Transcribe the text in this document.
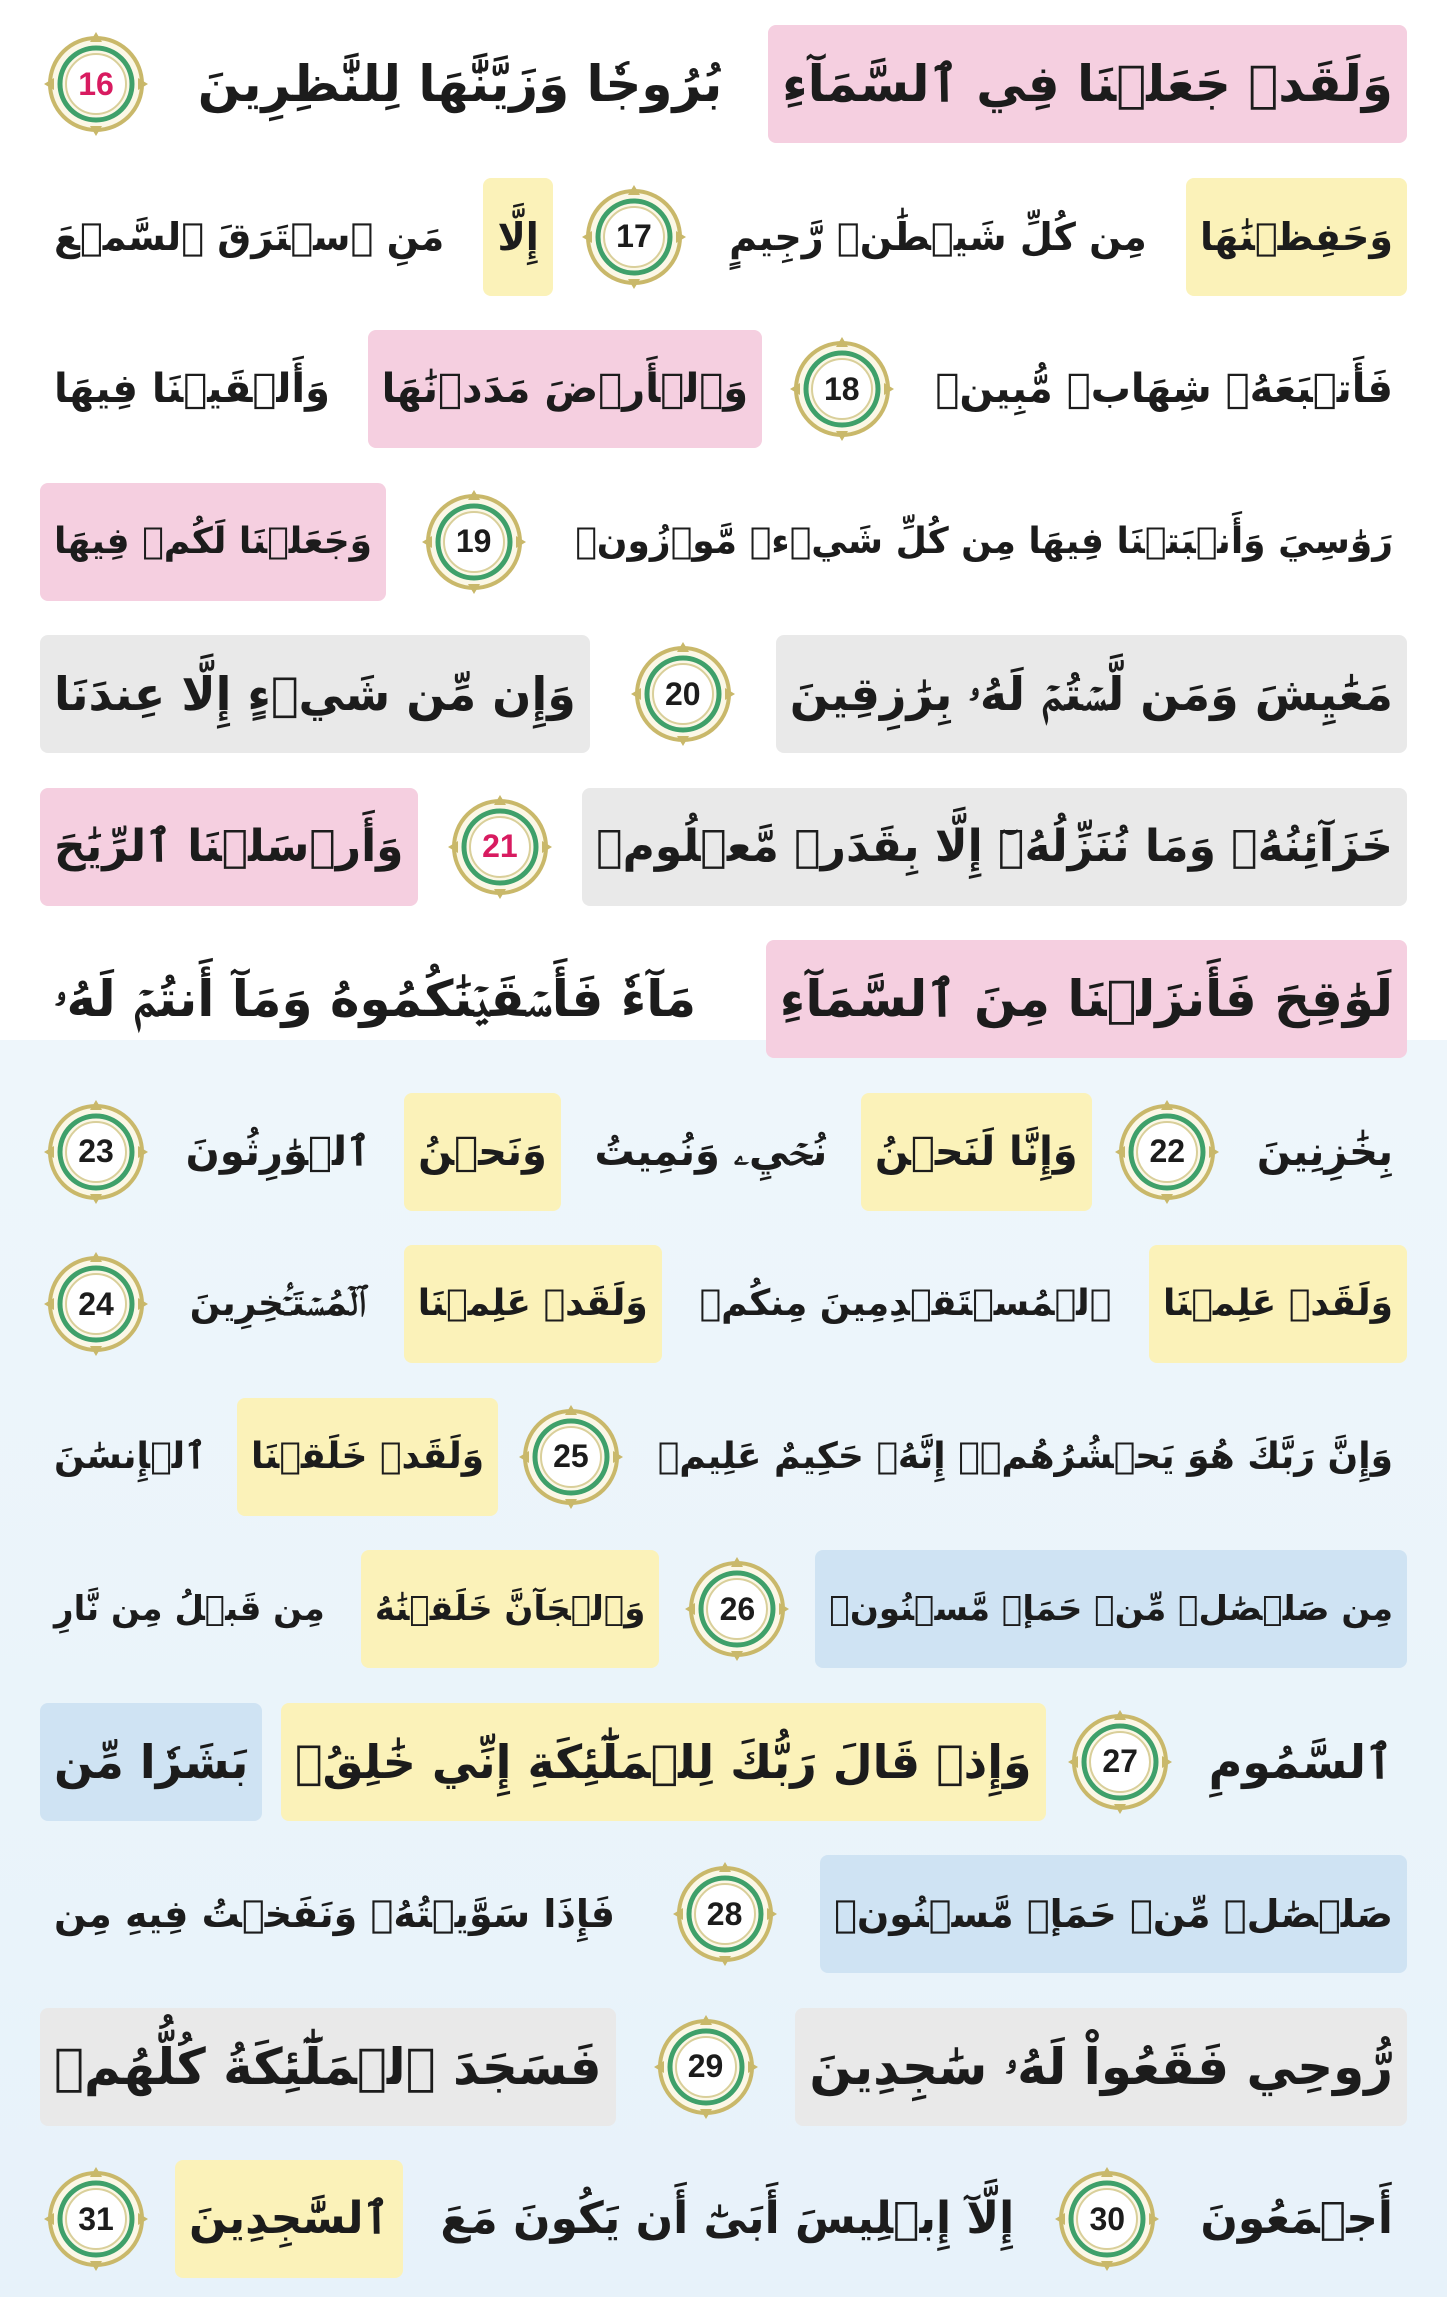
وَلَقَدۡ جَعَلۡنَا فِي ٱلسَّمَآءِ
بُرُوجٗا وَزَيَّنَّٰهَا لِلنَّٰظِرِينَ
16
وَحَفِظۡنَٰهَا
مِن كُلِّ شَيۡطَٰنٖ رَّجِيمٍ
17
إِلَّا
مَنِ ٱسۡتَرَقَ ٱلسَّمۡعَ
فَأَتۡبَعَهُۥ شِهَابٞ مُّبِينٞ
18
وَٱلۡأَرۡضَ مَدَدۡنَٰهَا
وَأَلۡقَيۡنَا فِيهَا
رَوَٰسِيَ وَأَنۢبَتۡنَا فِيهَا مِن كُلِّ شَيۡءٖ مَّوۡزُونٖ
19
وَجَعَلۡنَا لَكُمۡ فِيهَا
مَعَٰيِشَ وَمَن لَّسۡتُمۡ لَهُۥ بِرَٰزِقِينَ
20
وَإِن مِّن شَيۡءٍ إِلَّا عِندَنَا
خَزَآئِنُهُۥ وَمَا نُنَزِّلُهُۥٓ إِلَّا بِقَدَرٖ مَّعۡلُومٖ
21
وَأَرۡسَلۡنَا ٱلرِّيَٰحَ
لَوَٰقِحَ فَأَنزَلۡنَا مِنَ ٱلسَّمَآءِ
مَآءٗ فَأَسۡقَيۡنَٰكُمُوهُ وَمَآ أَنتُمۡ لَهُۥ
بِخَٰزِنِينَ
22
وَإِنَّا لَنَحۡنُ
نُحۡيِۦ وَنُمِيتُ
وَنَحۡنُ
ٱلۡوَٰرِثُونَ
23
وَلَقَدۡ عَلِمۡنَا
ٱلۡمُسۡتَقۡدِمِينَ مِنكُمۡ
وَلَقَدۡ عَلِمۡنَا
ٱلۡمُسۡتَـٔۡخِرِينَ
24
وَإِنَّ رَبَّكَ هُوَ يَحۡشُرُهُمۡۚ إِنَّهُۥ حَكِيمٌ عَلِيمٞ
25
وَلَقَدۡ خَلَقۡنَا
ٱلۡإِنسَٰنَ
مِن صَلۡصَٰلٖ مِّنۡ حَمَإٖ مَّسۡنُونٖ
26
وَٱلۡجَآنَّ خَلَقۡنَٰهُ
مِن قَبۡلُ مِن نَّارِ
ٱلسَّمُومِ
27
وَإِذۡ قَالَ رَبُّكَ لِلۡمَلَٰٓئِكَةِ إِنِّي خَٰلِقُۢ
بَشَرٗا مِّن
صَلۡصَٰلٖ مِّنۡ حَمَإٖ مَّسۡنُونٖ
28
فَإِذَا سَوَّيۡتُهُۥ وَنَفَخۡتُ فِيهِ مِن
رُّوحِي فَقَعُواْ لَهُۥ سَٰجِدِينَ
29
فَسَجَدَ ٱلۡمَلَٰٓئِكَةُ كُلُّهُمۡ
أَجۡمَعُونَ
30
إِلَّآ إِبۡلِيسَ أَبَىٰٓ أَن يَكُونَ مَعَ
ٱلسَّٰجِدِينَ
31
